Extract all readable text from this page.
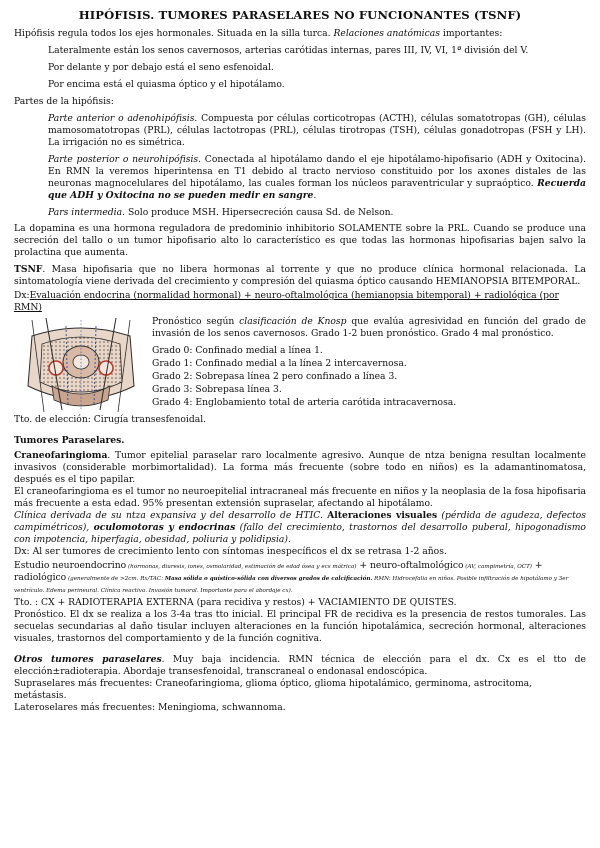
HIPÓFISIS. TUMORES PARASELARES NO FUNCIONANTES (TSNF)

Hipófisis regula todos los ejes hormonales. Situada en la silla turca. Relaciones anatómicas importantes:

Lateralmente están los senos cavernosos, arterias carótidas internas, pares III, IV, VI, 1ª división del V.

Por delante y por debajo está el seno esfenoidal.

Por encima está el quiasma óptico y el hipotálamo.

Partes de la hipófisis:

Parte anterior o adenohipófisis. Compuesta por células corticotropas (ACTH), células somatotropas (GH), células mamosomatotropas (PRL), células lactotropas (PRL), células tirotropas (TSH), células gonadotropas (FSH y LH). La irrigación no es simétrica.

Parte posterior o neurohipófisis. Conectada al hipotálamo dando el eje hipotálamo-hipofisario (ADH y Oxitocina). En RMN la veremos hiperintensa en T1 debido al tracto nervioso constituido por los axones distales de las neuronas magnocelulares del hipotálamo, las cuales forman los núcleos paraventricular y supraóptico. Recuerda que ADH y Oxitocina no se pueden medir en sangre.

Pars intermedia. Solo produce MSH. Hipersecreción causa Sd. de Nelson.

La dopamina es una hormona reguladora de predominio inhibitorio SOLAMENTE sobre la PRL. Cuando se produce una secreción del tallo o un tumor hipofisario alto lo característico es que todas las hormonas hipofisarias bajen salvo la prolactina que aumenta.

TSNF. Masa hipofisaria que no libera hormonas al torrente y que no produce clínica hormonal relacionada. La sintomatología viene derivada del crecimiento y compresión del quiasma óptico causando HEMIANOPSIA BITEMPORAL.

Dx:Evaluación endocrina (normalidad hormonal) + neuro-oftalmológica (hemianopsia bitemporal) + radiológica (por RMN)

Pronóstico según clasificación de Knosp que evalúa agresividad en función del grado de invasión de los senos cavernosos. Grado 1-2 buen pronóstico. Grado 4 mal pronóstico.

Grado 0: Confinado medial a línea 1.

Grado 1: Confinado medial a la línea 2 intercavernosa.

Grado 2: Sobrepasa línea 2 pero confinado a línea 3.

Grado 3: Sobrepasa línea 3.

Grado 4: Englobamiento total de arteria carótida intracavernosa.

Tto. de elección: Cirugía transesfenoidal.

Tumores Paraselares.

Craneofaringioma. Tumor epitelial paraselar raro localmente agresivo. Aunque de ntza benigna resultan localmente invasivos (considerable morbimortalidad). La forma más frecuente (sobre todo en niños) es la adamantinomatosa, después es el tipo papilar.

El craneofaringioma es el tumor no neuroepitelial intracraneal más frecuente en niños y la neoplasia de la fosa hipofisaria más frecuente a esta edad. 95% presentan extensión supraselar, afectando al hipotálamo.

Clínica derivada de su ntza expansiva y del desarrollo de HTIC. Alteraciones visuales (pérdida de agudeza, defectos campimétricos), oculomotoras y endocrinas (fallo del crecimiento, trastornos del desarrollo puberal, hipogonadismo con impotencia, hiperfagia, obesidad, poliuria y polidipsia).

Dx: Al ser tumores de crecimiento lento con síntomas inespecíficos el dx se retrasa 1-2 años.

Estudio neuroendocrino (hormonas, diuresis, iones, osmolaridad, estimación de edad ósea y ecs mátrica) + neuro-oftalmológico (AV, campimetría, OCT) + radiológico (generalmente de >2cm. Rx/TAC: Masa sólida o quístico-sólida con diversos grados de calcificación. RMN: Hidrocefalia en niños. Posible infiltración de hipotálamo y 3er ventrículo. Edema perineural. Clínica reactiva. Invasión tumoral. Importante para el abordaje cx).

Tto. : CX + RADIOTERAPIA EXTERNA (para recidiva y restos) + VACIAMIENTO DE QUISTES.

Pronóstico. El dx se realiza a los 3-4a tras tto inicial. El principal FR de recidiva es la presencia de restos tumorales. Las secuelas secundarias al daño tisular incluyen alteraciones en la función hipotalámica, secreción hormonal, alteraciones visuales, trastornos del comportamiento y de la función cognitiva.

Otros tumores paraselares. Muy baja incidencia. RMN técnica de elección para el dx. Cx es el tto de elección±radioterapia. Abordaje transesfenoidal, transcraneal o endonasal endoscópica.

Supraselares más frecuentes: Craneofaringioma, glioma óptico, glioma hipotalámico, germinoma, astrocitoma, metástasis.

Lateroselares más frecuentes: Meningioma, schwannoma.
